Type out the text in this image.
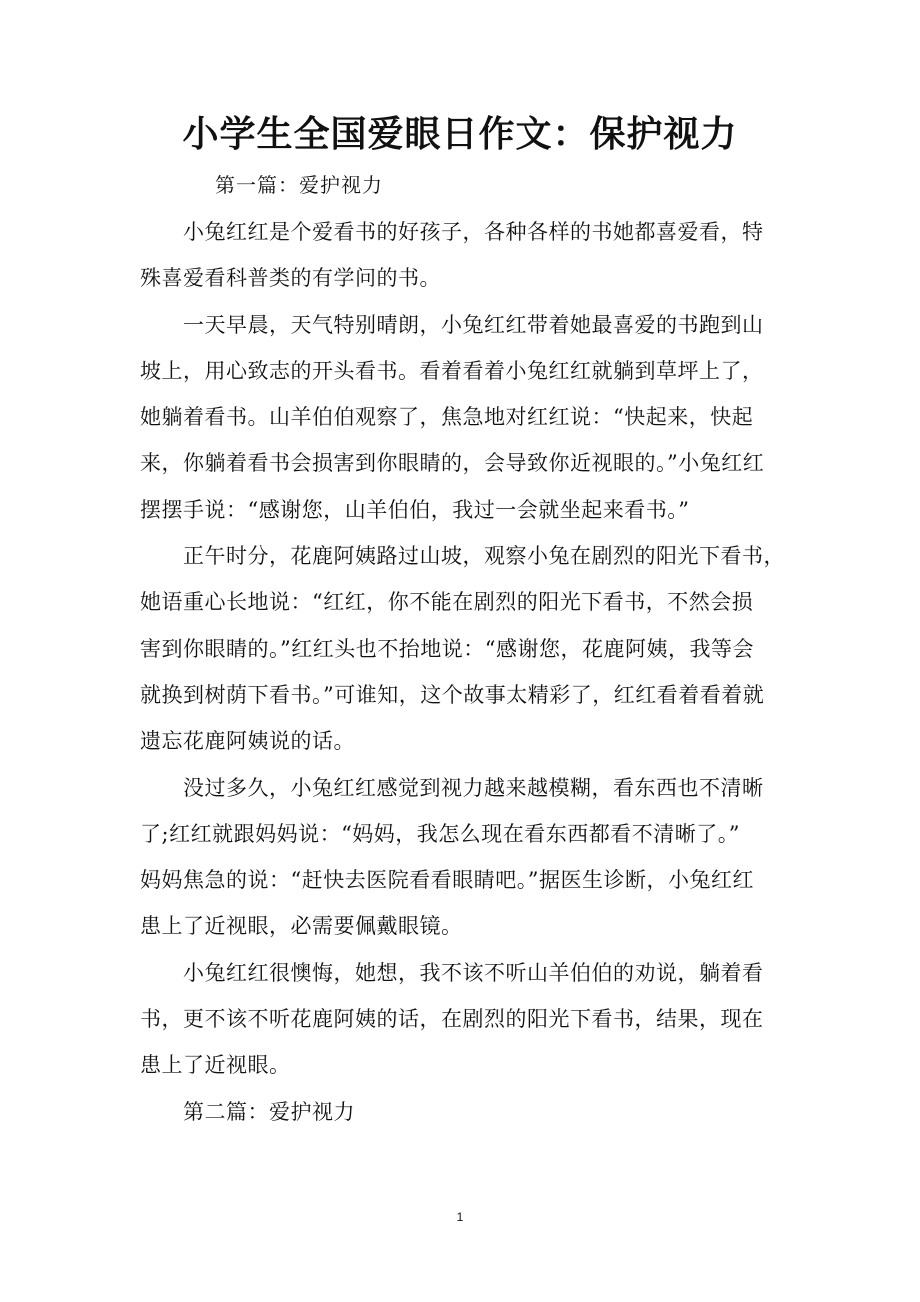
小学生全国爱眼日作文：保护视力
第一篇：爱护视力
小兔红红是个爱看书的好孩子，各种各样的书她都喜爱看，特
殊喜爱看科普类的有学问的书。
一天早晨，天气特别晴朗，小兔红红带着她最喜爱的书跑到山
坡上，用心致志的开头看书。看着看着小兔红红就躺到草坪上了，
她躺着看书。山羊伯伯观察了，焦急地对红红说：“快起来，快起
来，你躺着看书会损害到你眼睛的，会导致你近视眼的。”小兔红红
摆摆手说：“感谢您，山羊伯伯，我过一会就坐起来看书。”
正午时分，花鹿阿姨路过山坡，观察小兔在剧烈的阳光下看书，
她语重心长地说：“红红，你不能在剧烈的阳光下看书，不然会损
害到你眼睛的。”红红头也不抬地说：“感谢您，花鹿阿姨，我等会
就换到树荫下看书。”可谁知，这个故事太精彩了，红红看着看着就
遗忘花鹿阿姨说的话。
没过多久，小兔红红感觉到视力越来越模糊，看东西也不清晰
了;红红就跟妈妈说：“妈妈，我怎么现在看东西都看不清晰了。”
妈妈焦急的说：“赶快去医院看看眼睛吧。”据医生诊断，小兔红红
患上了近视眼，必需要佩戴眼镜。
小兔红红很懊悔，她想，我不该不听山羊伯伯的劝说，躺着看
书，更不该不听花鹿阿姨的话，在剧烈的阳光下看书，结果，现在
患上了近视眼。
第二篇：爱护视力
1
